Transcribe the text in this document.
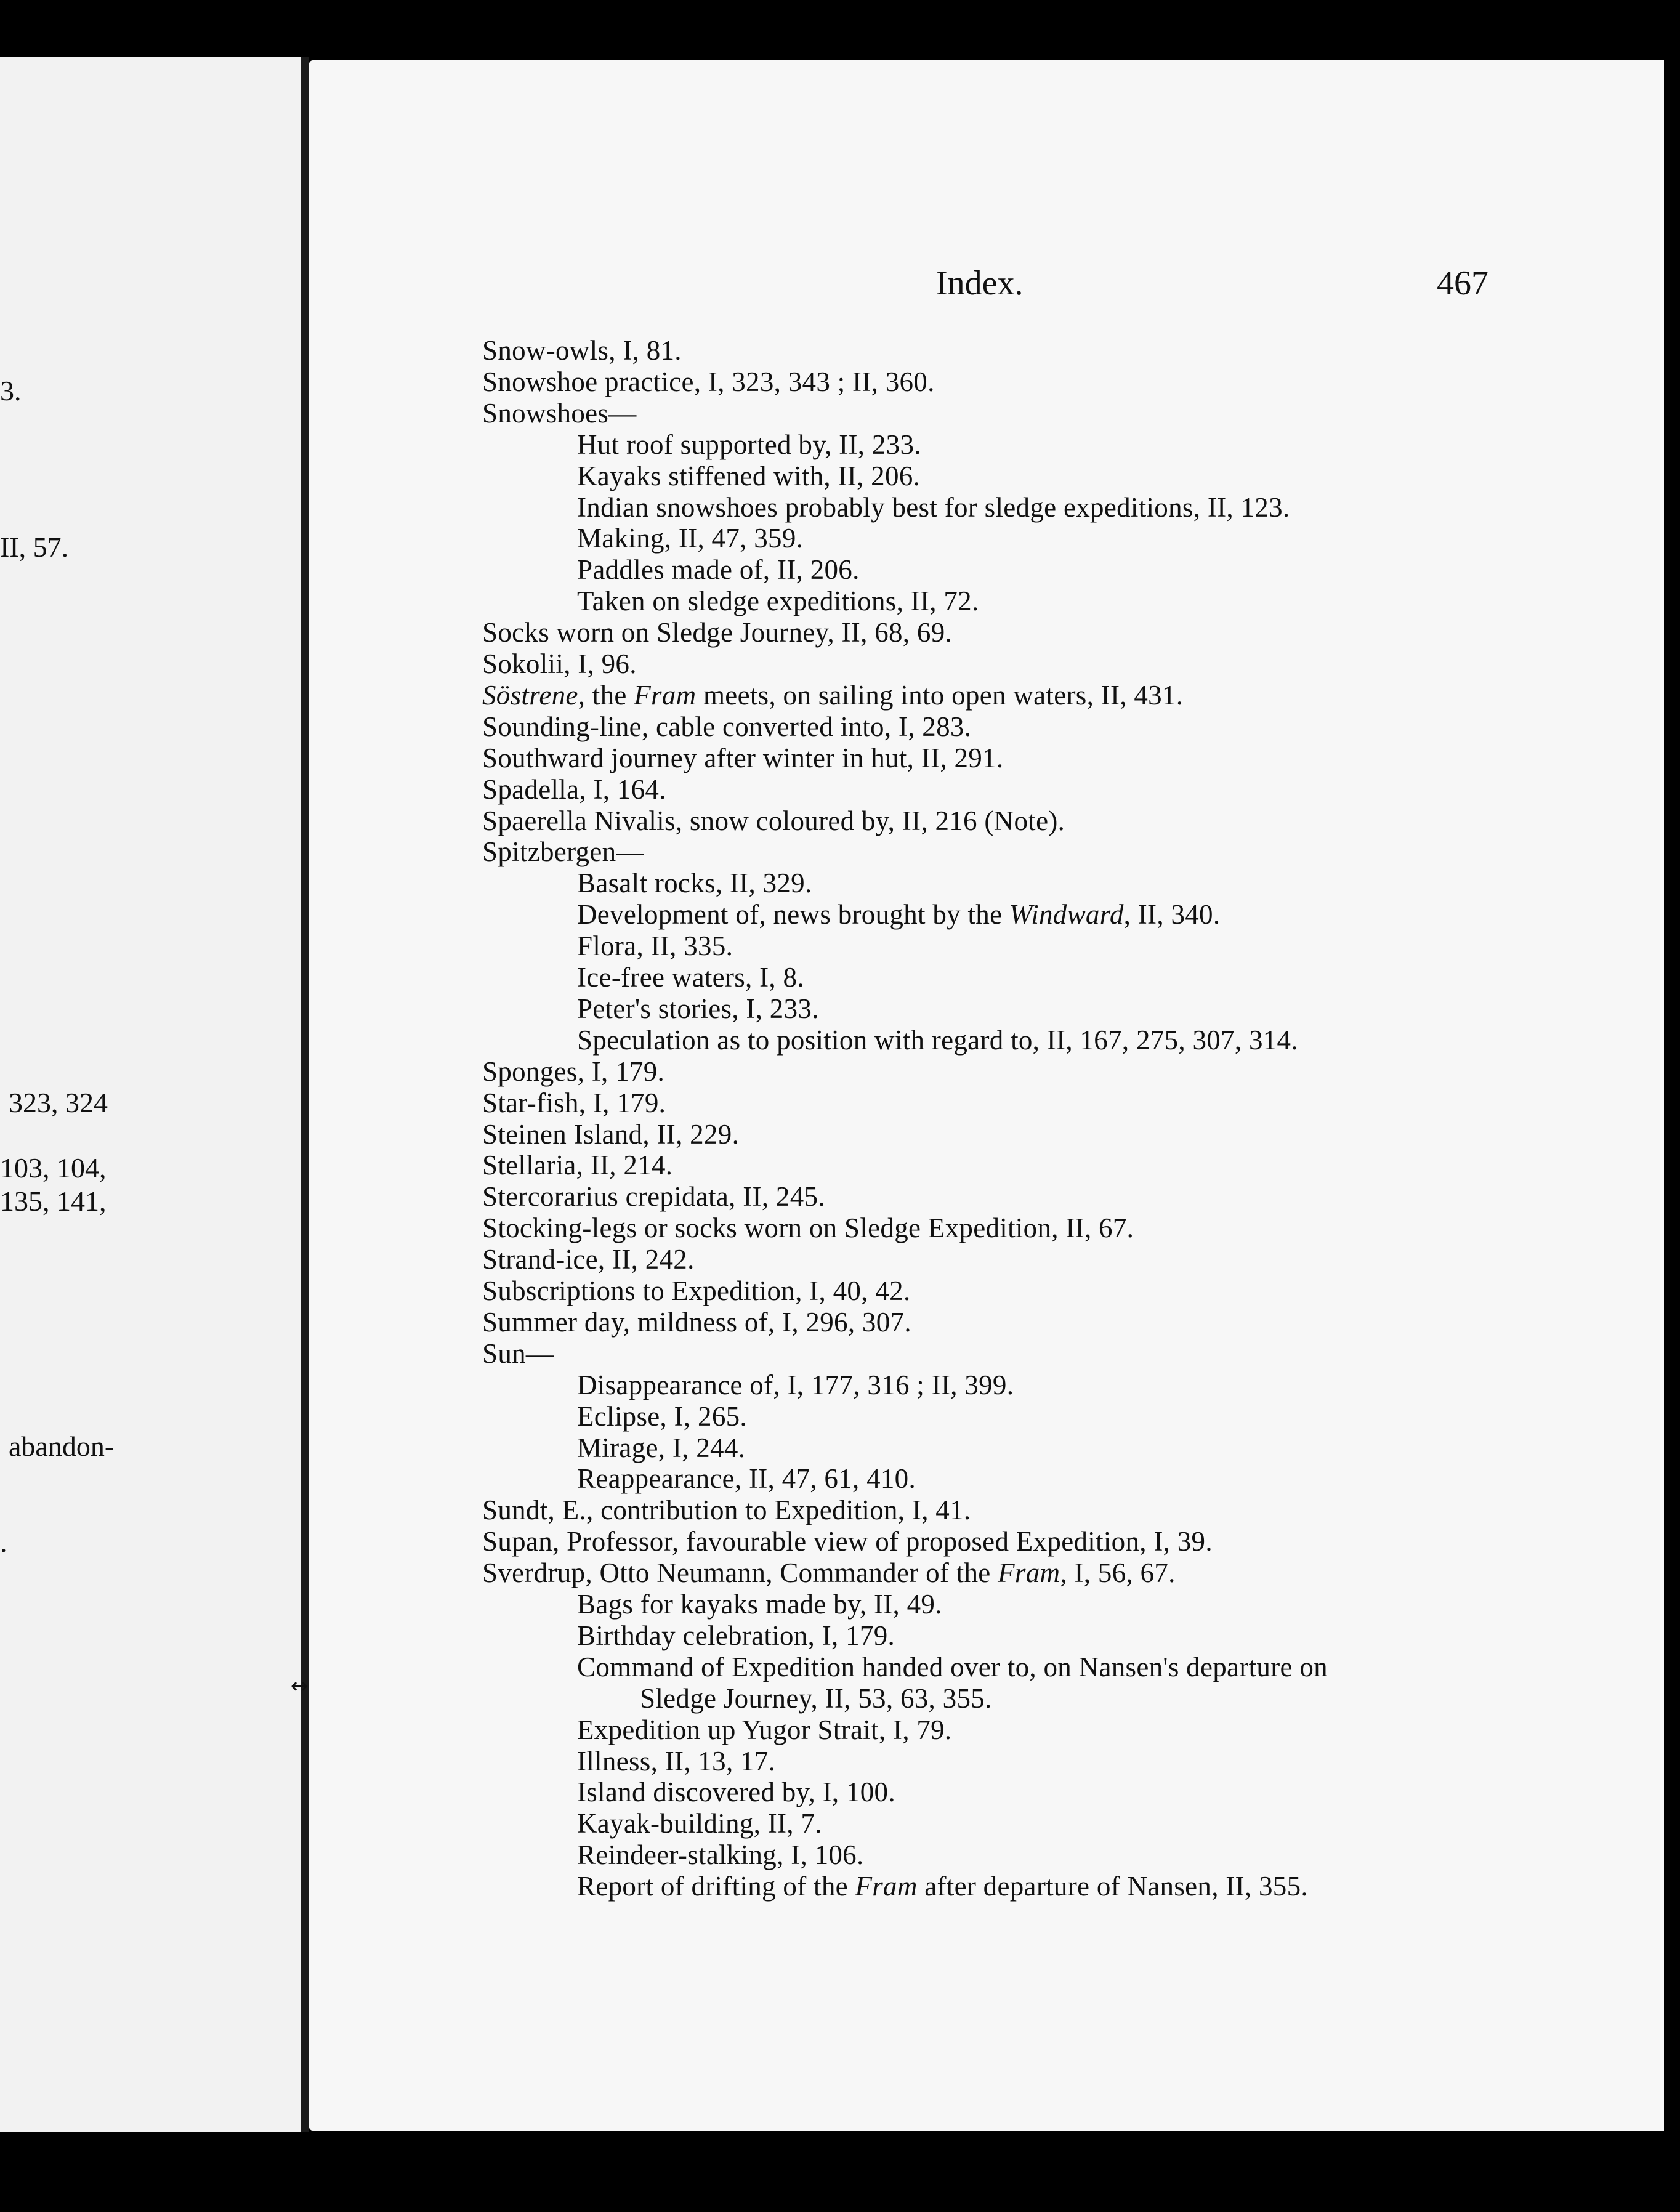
3.
II, 57.
323, 324
103, 104,
135, 141,
abandon-
.
Index.	467
Snow-owls, I, 81.
Snowshoe practice, I, 323, 343 ; II, 360.
Snowshoes—
Hut roof supported by, II, 233.
Kayaks stiffened with, II, 206.
Indian snowshoes probably best for sledge expeditions, II, 123.
Making, II, 47, 359.
Paddles made of, II, 206.
Taken on sledge expeditions, II, 72.
Socks worn on Sledge Journey, II, 68, 69.
Sokolii, I, 96.
Söstrene, the Fram meets, on sailing into open waters, II, 431.
Sounding-line, cable converted into, I, 283.
Southward journey after winter in hut, II, 291.
Spadella, I, 164.
Spaerella Nivalis, snow coloured by, II, 216 (Note).
Spitzbergen—
Basalt rocks, II, 329.
Development of, news brought by the Windward, II, 340.
Flora, II, 335.
Ice-free waters, I, 8.
Peter's stories, I, 233.
Speculation as to position with regard to, II, 167, 275, 307, 314.
Sponges, I, 179.
Star-fish, I, 179.
Steinen Island, II, 229.
Stellaria, II, 214.
Stercorarius crepidata, II, 245.
Stocking-legs or socks worn on Sledge Expedition, II, 67.
Strand-ice, II, 242.
Subscriptions to Expedition, I, 40, 42.
Summer day, mildness of, I, 296, 307.
Sun—
Disappearance of, I, 177, 316 ; II, 399.
Eclipse, I, 265.
Mirage, I, 244.
Reappearance, II, 47, 61, 410.
Sundt, E., contribution to Expedition, I, 41.
Supan, Professor, favourable view of proposed Expedition, I, 39.
Sverdrup, Otto Neumann, Commander of the Fram, I, 56, 67.
Bags for kayaks made by, II, 49.
Birthday celebration, I, 179.
Command of Expedition handed over to, on Nansen's departure on
Sledge Journey, II, 53, 63, 355.
Expedition up Yugor Strait, I, 79.
Illness, II, 13, 17.
Island discovered by, I, 100.
Kayak-building, II, 7.
Reindeer-stalking, I, 106.
Report of drifting of the Fram after departure of Nansen, II, 355.
↔
